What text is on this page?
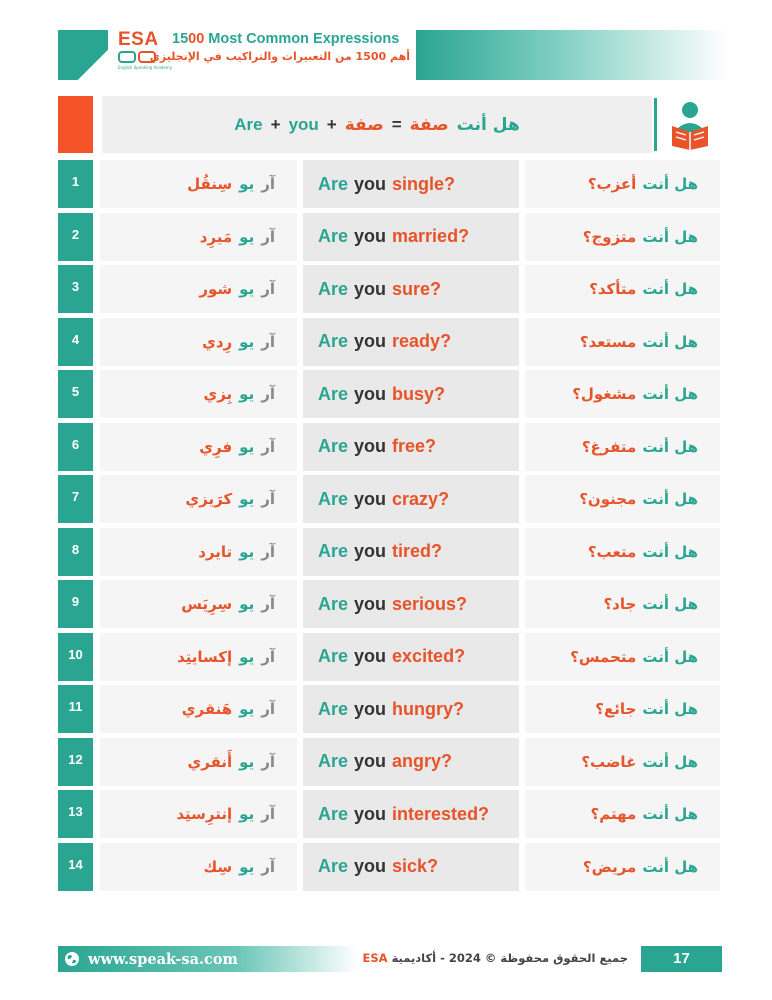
ESA
English Speaking Academy
1500 Most Common Expressions
أهم 1500 من التعبيرات والتراكيب في الإنجليزي
Are + you + صفة = صفة هل أنت
1	سِنقُل يو آر Are you single?	أعزب؟ هل أنت
2	مَيرِد يو آر Are you married?	متزوج؟ هل أنت
3	شور يو آر Are you sure?	متأكد؟ هل أنت
4	رِدي يو آر Are you ready?	مستعد؟ هل أنت
5	بِزي يو آر Are you busy?	مشغول؟ هل أنت
6	فرِي يو آر Are you free?	متفرغ؟ هل أنت
7	كرَيزي يو آر Are you crazy?	مجنون؟ هل أنت
8	تايرد يو آر Are you tired?	متعب؟ هل أنت
9	سِرِيَس يو آر Are you serious?	جاد؟ هل أنت
10	إكسايتِد يو آر Are you excited?	متحمس؟ هل أنت
11	هَنقري يو آر Are you hungry?	جائع؟ هل أنت
12	أَنقري يو آر Are you angry?	غاضب؟ هل أنت
13	إنترِستِد يو آر Are you interested?	مهتم؟ هل أنت
14	سِك يو آر Are you sick?	مريض؟ هل أنت
www.speak-sa.com	جميع الحقوق محفوظة © 2024 - أكاديمية ESA	17
